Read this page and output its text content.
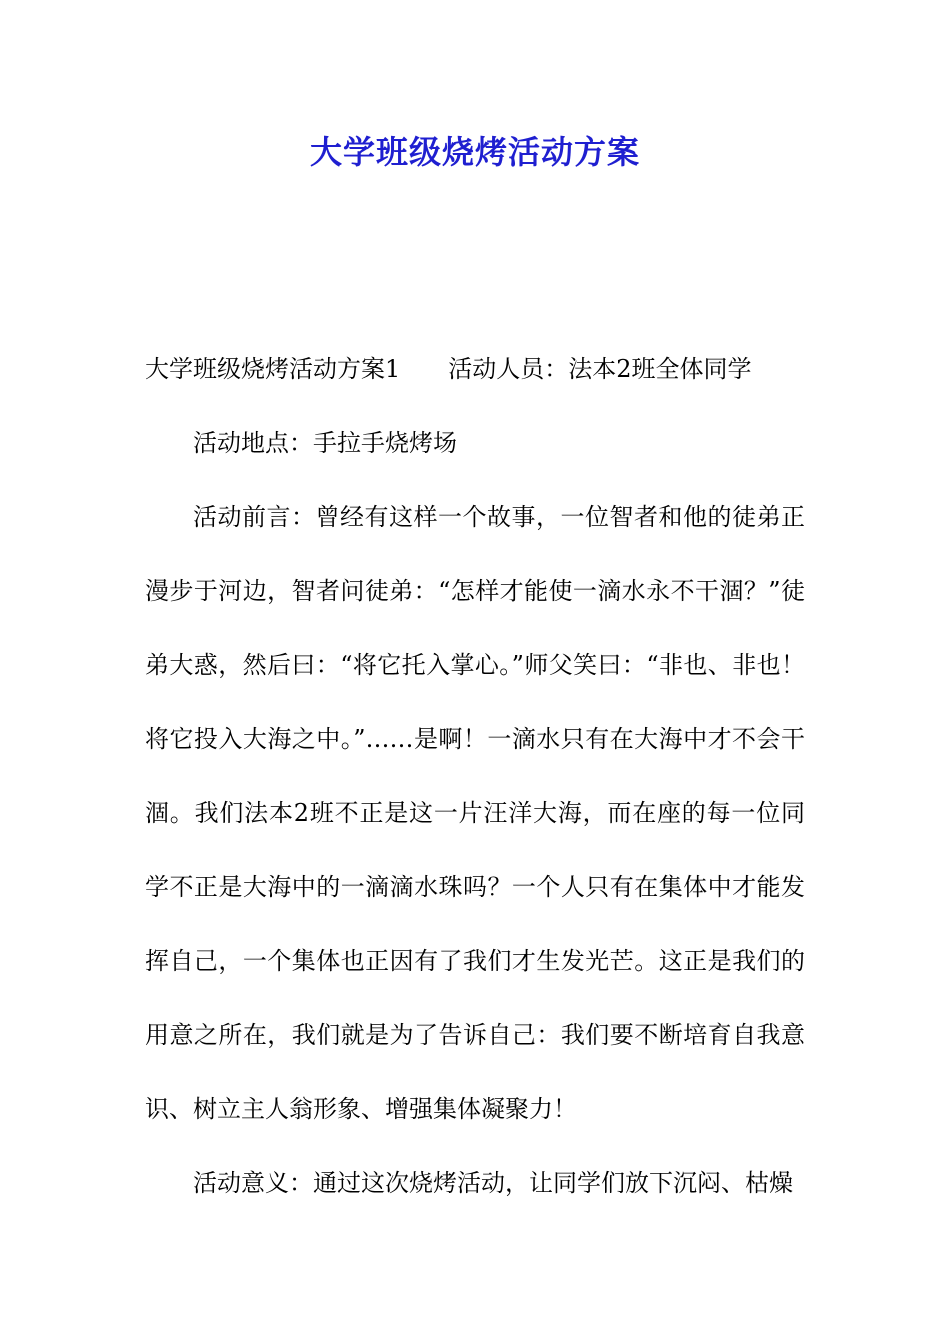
大学班级烧烤活动方案

大学班级烧烤活动方案1 活动人员：法本2班全体同学

活动地点：手拉手烧烤场

活动前言：曾经有这样一个故事，一位智者和他的徒弟正漫步于河边，智者问徒弟：“怎样才能使一滴水永不干涸？”徒弟大惑，然后曰：“将它托入掌心。”师父笑曰：“非也、非也！将它投入大海之中。”……是啊！一滴水只有在大海中才不会干涸。我们法本2班不正是这一片汪洋大海，而在座的每一位同学不正是大海中的一滴滴水珠吗？一个人只有在集体中才能发挥自己，一个集体也正因有了我们才生发光芒。这正是我们的用意之所在，我们就是为了告诉自己：我们要不断培育自我意识、树立主人翁形象、增强集体凝聚力！

活动意义：通过这次烧烤活动，让同学们放下沉闷、枯燥
